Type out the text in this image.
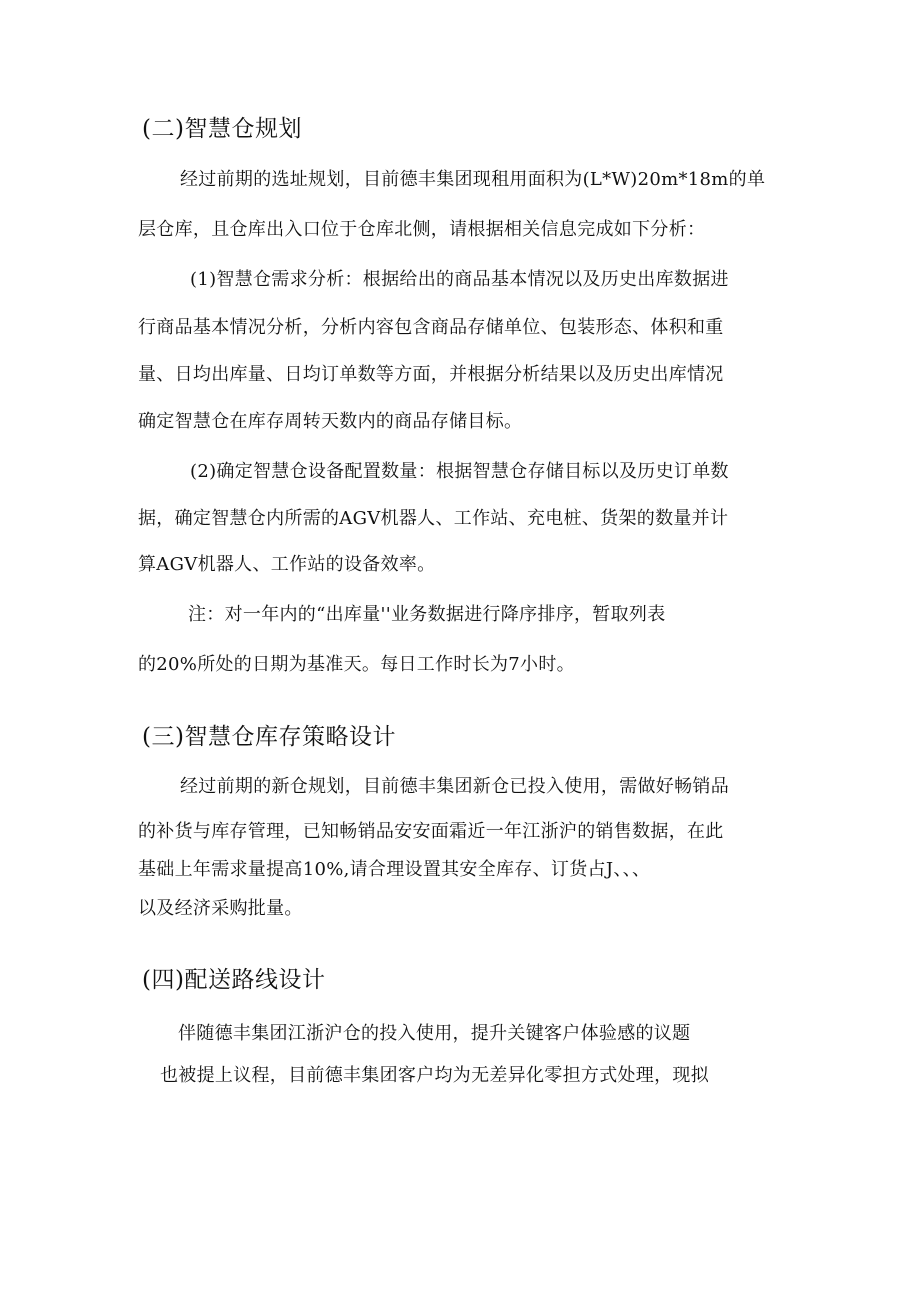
(二)智慧仓规划
经过前期的选址规划，目前德丰集团现租用面积为(L*W)20m*18m的单
层仓库，且仓库出入口位于仓库北侧，请根据相关信息完成如下分析：
(1)智慧仓需求分析：根据给出的商品基本情况以及历史出库数据进
行商品基本情况分析，分析内容包含商品存储单位、包装形态、体积和重
量、日均出库量、日均订单数等方面，并根据分析结果以及历史出库情况
确定智慧仓在库存周转天数内的商品存储目标。
(2)确定智慧仓设备配置数量：根据智慧仓存储目标以及历史订单数
据，确定智慧仓内所需的AGV机器人、工作站、充电桩、货架的数量并计
算AGV机器人、工作站的设备效率。
注：对一年内的“出库量''业务数据进行降序排序，暂取列表
的20%所处的日期为基准天。每日工作时长为7小时。
(三)智慧仓库存策略设计
经过前期的新仓规划，目前德丰集团新仓已投入使用，需做好畅销品
的补货与库存管理，已知畅销品安安面霜近一年江浙沪的销售数据，在此
基础上年需求量提高10%,请合理设置其安全库存、订货占J、、、
以及经济采购批量。
(四)配送路线设计
伴随德丰集团江浙沪仓的投入使用，提升关键客户体验感的议题
也被提上议程，目前德丰集团客户均为无差异化零担方式处理，现拟
